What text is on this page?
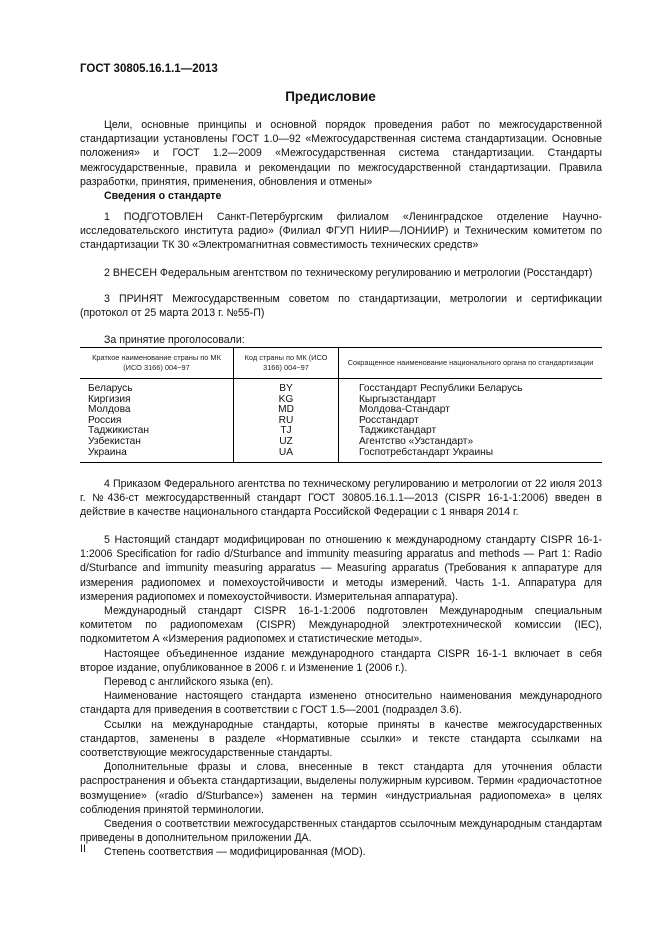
ГОСТ 30805.16.1.1—2013
Предисловие

Цели, основные принципы и основной порядок проведения работ по межгосударственной стандартизации установлены ГОСТ 1.0—92 «Межгосударственная система стандартизации. Основные положения» и ГОСТ 1.2—2009 «Межгосударственная система стандартизации. Стандарты межгосударственные, правила и рекомендации по межгосударственной стандартизации. Правила разработки, принятия, применения, обновления и отмены»

Сведения о стандарте

1 ПОДГОТОВЛЕН Санкт-Петербургским филиалом «Ленинградское отделение Научно-исследовательского института радио» (Филиал ФГУП НИИР—ЛОНИИР) и Техническим комитетом по стандартизации ТК 30 «Электромагнитная совместимость технических средств»

2 ВНЕСЕН Федеральным агентством по техническому регулированию и метрологии (Росстандарт)

3 ПРИНЯТ Межгосударственным советом по стандартизации, метрологии и сертификации (протокол от 25 марта 2013 г. №55-П)

За принятие проголосовали:

Краткое наименование страны по МК (ИСО 3166) 004−97	Код страны по МК (ИСО 3166) 004−97	Сокращенное наименование национального органа по стандартизации
Беларусь	BY	Госстандарт Республики Беларусь
Киргизия	KG	Кыргызстандарт
Молдова	MD	Молдова-Стандарт
Россия	RU	Росстандарт
Таджикистан	TJ	Таджикстандарт
Узбекистан	UZ	Агентство «Узстандарт»
Украина	UA	Госпотребстандарт Украины

4 Приказом Федерального агентства по техническому регулированию и метрологии от 22 июля 2013 г. №436-ст межгосударственный стандарт ГОСТ 30805.16.1.1—2013 (CISPR 16-1-1:2006) введен в действие в качестве национального стандарта Российской Федерации с 1 января 2014 г.

5 Настоящий стандарт модифицирован по отношению к международному стандарту CISPR 16-1-1:2006 Specification for radio d/Sturbance and immunity measuring apparatus and methods — Part 1: Radio d/Sturbance and immunity measuring apparatus — Measuring apparatus (Требования к аппаратуре для измерения радиопомех и помехоустойчивости и методы измерений. Часть 1-1. Аппаратура для измерения радиопомех и помехоустойчивости. Измерительная аппаратура).

Международный стандарт CISPR 16-1-1:2006 подготовлен Международным специальным комитетом по радиопомехам (CISPR) Международной электротехнической комиссии (IEC), подкомитетом А «Измерения радиопомех и статистические методы».

Настоящее объединенное издание международного стандарта CISPR 16-1-1 включает в себя второе издание, опубликованное в 2006 г. и Изменение 1 (2006 г.).

Перевод с английского языка (en).

Наименование настоящего стандарта изменено относительно наименования международного стандарта для приведения в соответствии с ГОСТ 1.5—2001 (подраздел 3.6).

Ссылки на международные стандарты, которые приняты в качестве межгосударственных стандартов, заменены в разделе «Нормативные ссылки» и тексте стандарта ссылками на соответствующие межгосударственные стандарты.

Дополнительные фразы и слова, внесенные в текст стандарта для уточнения области распространения и объекта стандартизации, выделены полужирным курсивом. Термин «радиочастотное возмущение» («radio d/Sturbance») заменен на термин «индустриальная радиопомеха» в целях соблюдения принятой терминологии.

Сведения о соответствии межгосударственных стандартов ссылочным международным стандартам приведены в дополнительном приложении ДА.

Степень соответствия — модифицированная (MOD).

II
